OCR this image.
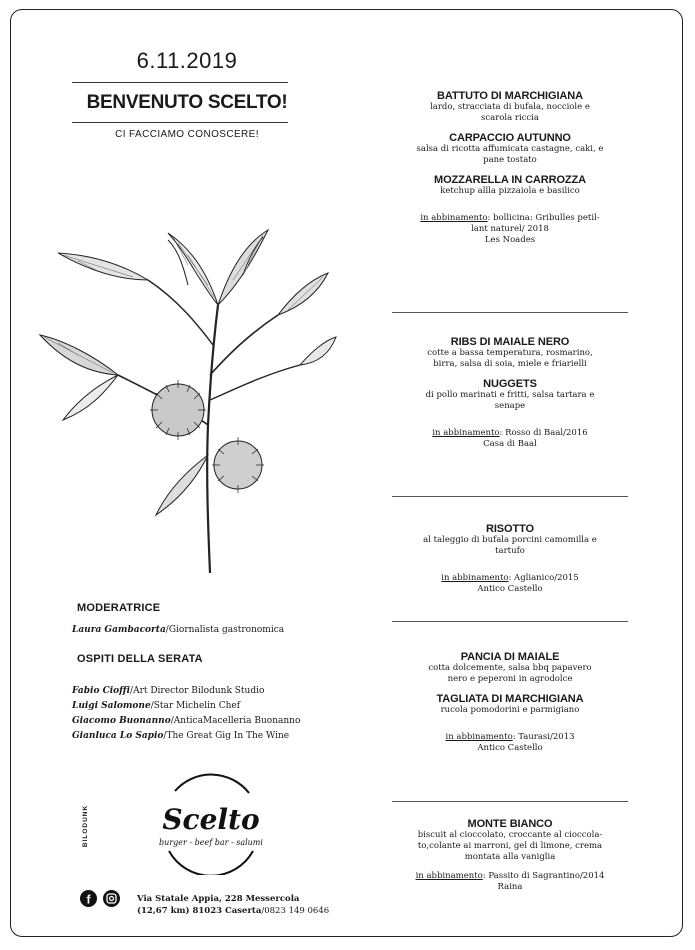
6.11.2019
BENVENUTO SCELTO!
CI FACCIAMO CONOSCERE!
MODERATRICE
Laura Gambacorta/Giornalista gastronomica
OSPITI DELLA SERATA
Fabio Cioffi/Art Director Bilodunk Studio
Luigi Salomone/Star Michelin Chef
Giacomo Buonanno/AnticaMacelleria Buonanno
Gianluca Lo Sapio/The Great Gig In The Wine
BILODUNK	Scelto
burger - beef bar - salumi
f	Via Statale Appia, 228 Messercola
(12,67 km) 81023 Caserta/0823 149 0646
BATTUTO DI MARCHIGIANA
lardo, stracciata di bufala, nocciole e
scarola riccia
CARPACCIO AUTUNNO
salsa di ricotta affumicata castagne, caki, e
pane tostato
MOZZARELLA IN CARROZZA
ketchup allla pizzaiola e basilico
in abbinamento: bollicina: Gribulles petil-
lant naturel/ 2018
Les Noades
RIBS DI MAIALE NERO
cotte a bassa temperatura, rosmarino,
birra, salsa di soia, miele e friarielli
NUGGETS
di pollo marinati e fritti, salsa tartara e
senape
in abbinamento: Rosso di Baal/2016
Casa di Baal
RISOTTO
al taleggio di bufala porcini camomilla e
tartufo
in abbinamento: Aglianico/2015
Antico Castello
PANCIA DI MAIALE
cotta dolcemente, salsa bbq papavero
nero e peperoni in agrodolce
TAGLIATA DI MARCHIGIANA
rucola pomodorini e parmigiano
in abbinamento: Taurasi/2013
Antico Castello
MONTE BIANCO
biscuit al cioccolato, croccante al cioccola-
to,colante ai marroni, gel di limone, crema
montata alla vaniglia
in abbinamento: Passito di Sagrantino/2014
Raina
